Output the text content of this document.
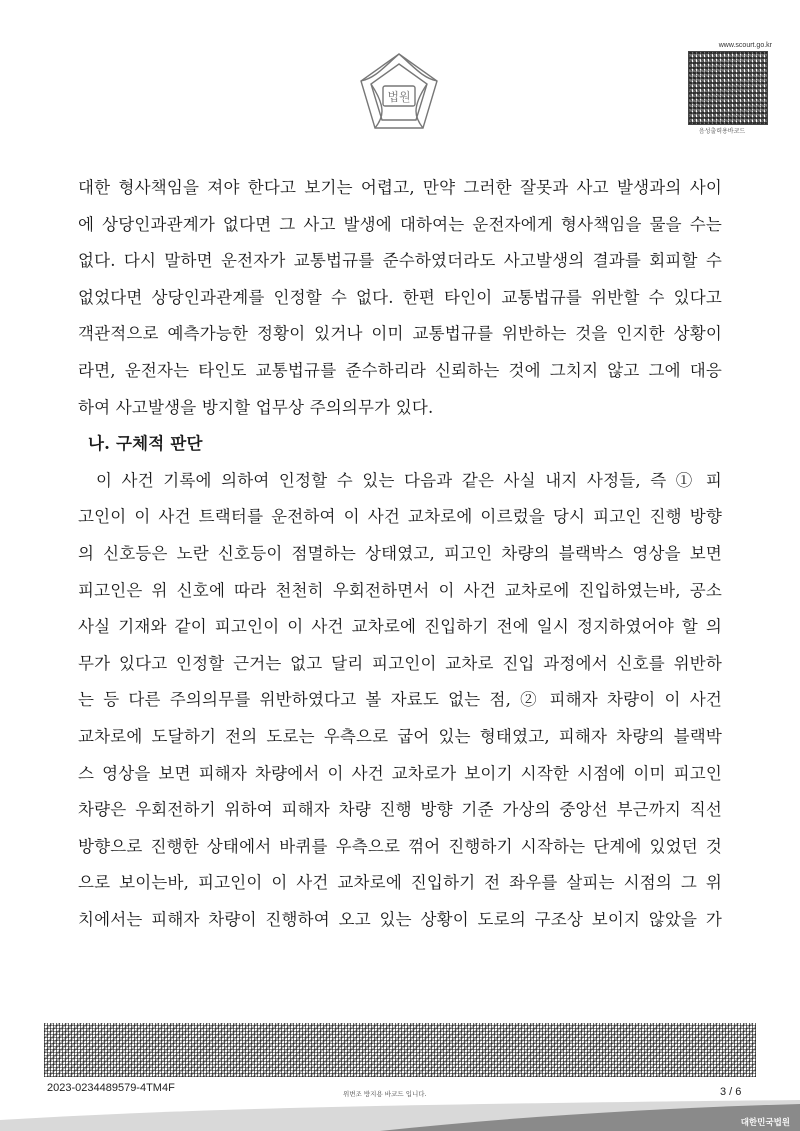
법원
www.scourt.go.kr
음성출력용바코드
대한 형사책임을 져야 한다고 보기는 어렵고, 만약 그러한 잘못과 사고 발생과의 사이
에 상당인과관계가 없다면 그 사고 발생에 대하여는 운전자에게 형사책임을 물을 수는
없다. 다시 말하면 운전자가 교통법규를 준수하였더라도 사고발생의 결과를 회피할 수
없었다면 상당인과관계를 인정할 수 없다. 한편 타인이 교통법규를 위반할 수 있다고
객관적으로 예측가능한 정황이 있거나 이미 교통법규를 위반하는 것을 인지한 상황이
라면, 운전자는 타인도 교통법규를 준수하리라 신뢰하는 것에 그치지 않고 그에 대응
하여 사고발생을 방지할 업무상 주의의무가 있다.
나. 구체적 판단
이 사건 기록에 의하여 인정할 수 있는 다음과 같은 사실 내지 사정들, 즉 ① 피
고인이 이 사건 트랙터를 운전하여 이 사건 교차로에 이르렀을 당시 피고인 진행 방향
의 신호등은 노란 신호등이 점멸하는 상태였고, 피고인 차량의 블랙박스 영상을 보면
피고인은 위 신호에 따라 천천히 우회전하면서 이 사건 교차로에 진입하였는바, 공소
사실 기재와 같이 피고인이 이 사건 교차로에 진입하기 전에 일시 정지하였어야 할 의
무가 있다고 인정할 근거는 없고 달리 피고인이 교차로 진입 과정에서 신호를 위반하
는 등 다른 주의의무를 위반하였다고 볼 자료도 없는 점, ② 피해자 차량이 이 사건
교차로에 도달하기 전의 도로는 우측으로 굽어 있는 형태였고, 피해자 차량의 블랙박
스 영상을 보면 피해자 차량에서 이 사건 교차로가 보이기 시작한 시점에 이미 피고인
차량은 우회전하기 위하여 피해자 차량 진행 방향 기준 가상의 중앙선 부근까지 직선
방향으로 진행한 상태에서 바퀴를 우측으로 꺾어 진행하기 시작하는 단계에 있었던 것
으로 보이는바, 피고인이 이 사건 교차로에 진입하기 전 좌우를 살피는 시점의 그 위
치에서는 피해자 차량이 진행하여 오고 있는 상황이 도로의 구조상 보이지 않았을 가
2023-0234489579-4TM4F	위변조 방지용 바코드 입니다.	3 / 6
대한민국법원
